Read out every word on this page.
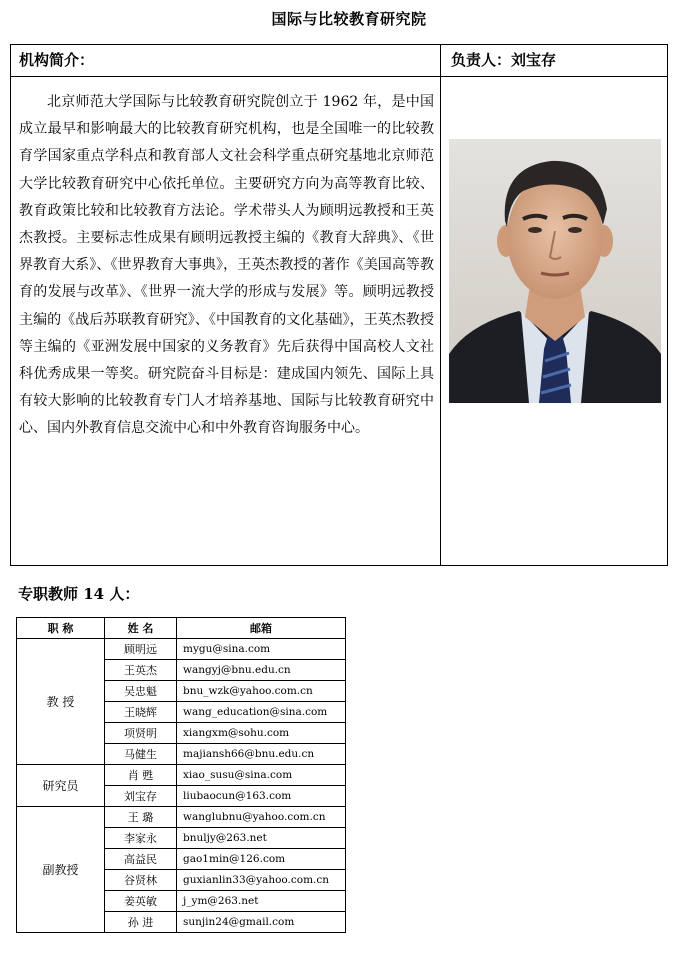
国际与比较教育研究院
机构简介：	负责人：刘宝存
北京师范大学国际与比较教育研究院创立于 1962 年，是中国成立最早和影响最大的比较教育研究机构，也是全国唯一的比较教育学国家重点学科点和教育部人文社会科学重点研究基地北京师范大学比较教育研究中心依托单位。主要研究方向为高等教育比较、教育政策比较和比较教育方法论。学术带头人为顾明远教授和王英杰教授。主要标志性成果有顾明远教授主编的《教育大辞典》、《世界教育大系》、《世界教育大事典》，王英杰教授的著作《美国高等教育的发展与改革》、《世界一流大学的形成与发展》等。顾明远教授主编的《战后苏联教育研究》、《中国教育的文化基础》，王英杰教授等主编的《亚洲发展中国家的义务教育》先后获得中国高校人文社科优秀成果一等奖。研究院奋斗目标是：建成国内领先、国际上具有较大影响的比较教育专门人才培养基地、国际与比较教育研究中心、国内外教育信息交流中心和中外教育咨询服务中心。
专职教师 14 人：
职 称	姓 名	邮箱
教 授	顾明远	mygu@sina.com
	王英杰	wangyj@bnu.edu.cn
	吴忠魁	bnu_wzk@yahoo.com.cn
	王晓辉	wang_education@sina.com
	项贤明	xiangxm@sohu.com
	马健生	majiansh66@bnu.edu.cn
研究员	肖 甦	xiao_susu@sina.com
	刘宝存	liubaocun@163.com
副教授	王 璐	wanglubnu@yahoo.com.cn
	李家永	bnuljy@263.net
	高益民	gao1min@126.com
	谷贤林	guxianlin33@yahoo.com.cn
	姜英敏	j_ym@263.net
	孙 进	sunjin24@gmail.com
